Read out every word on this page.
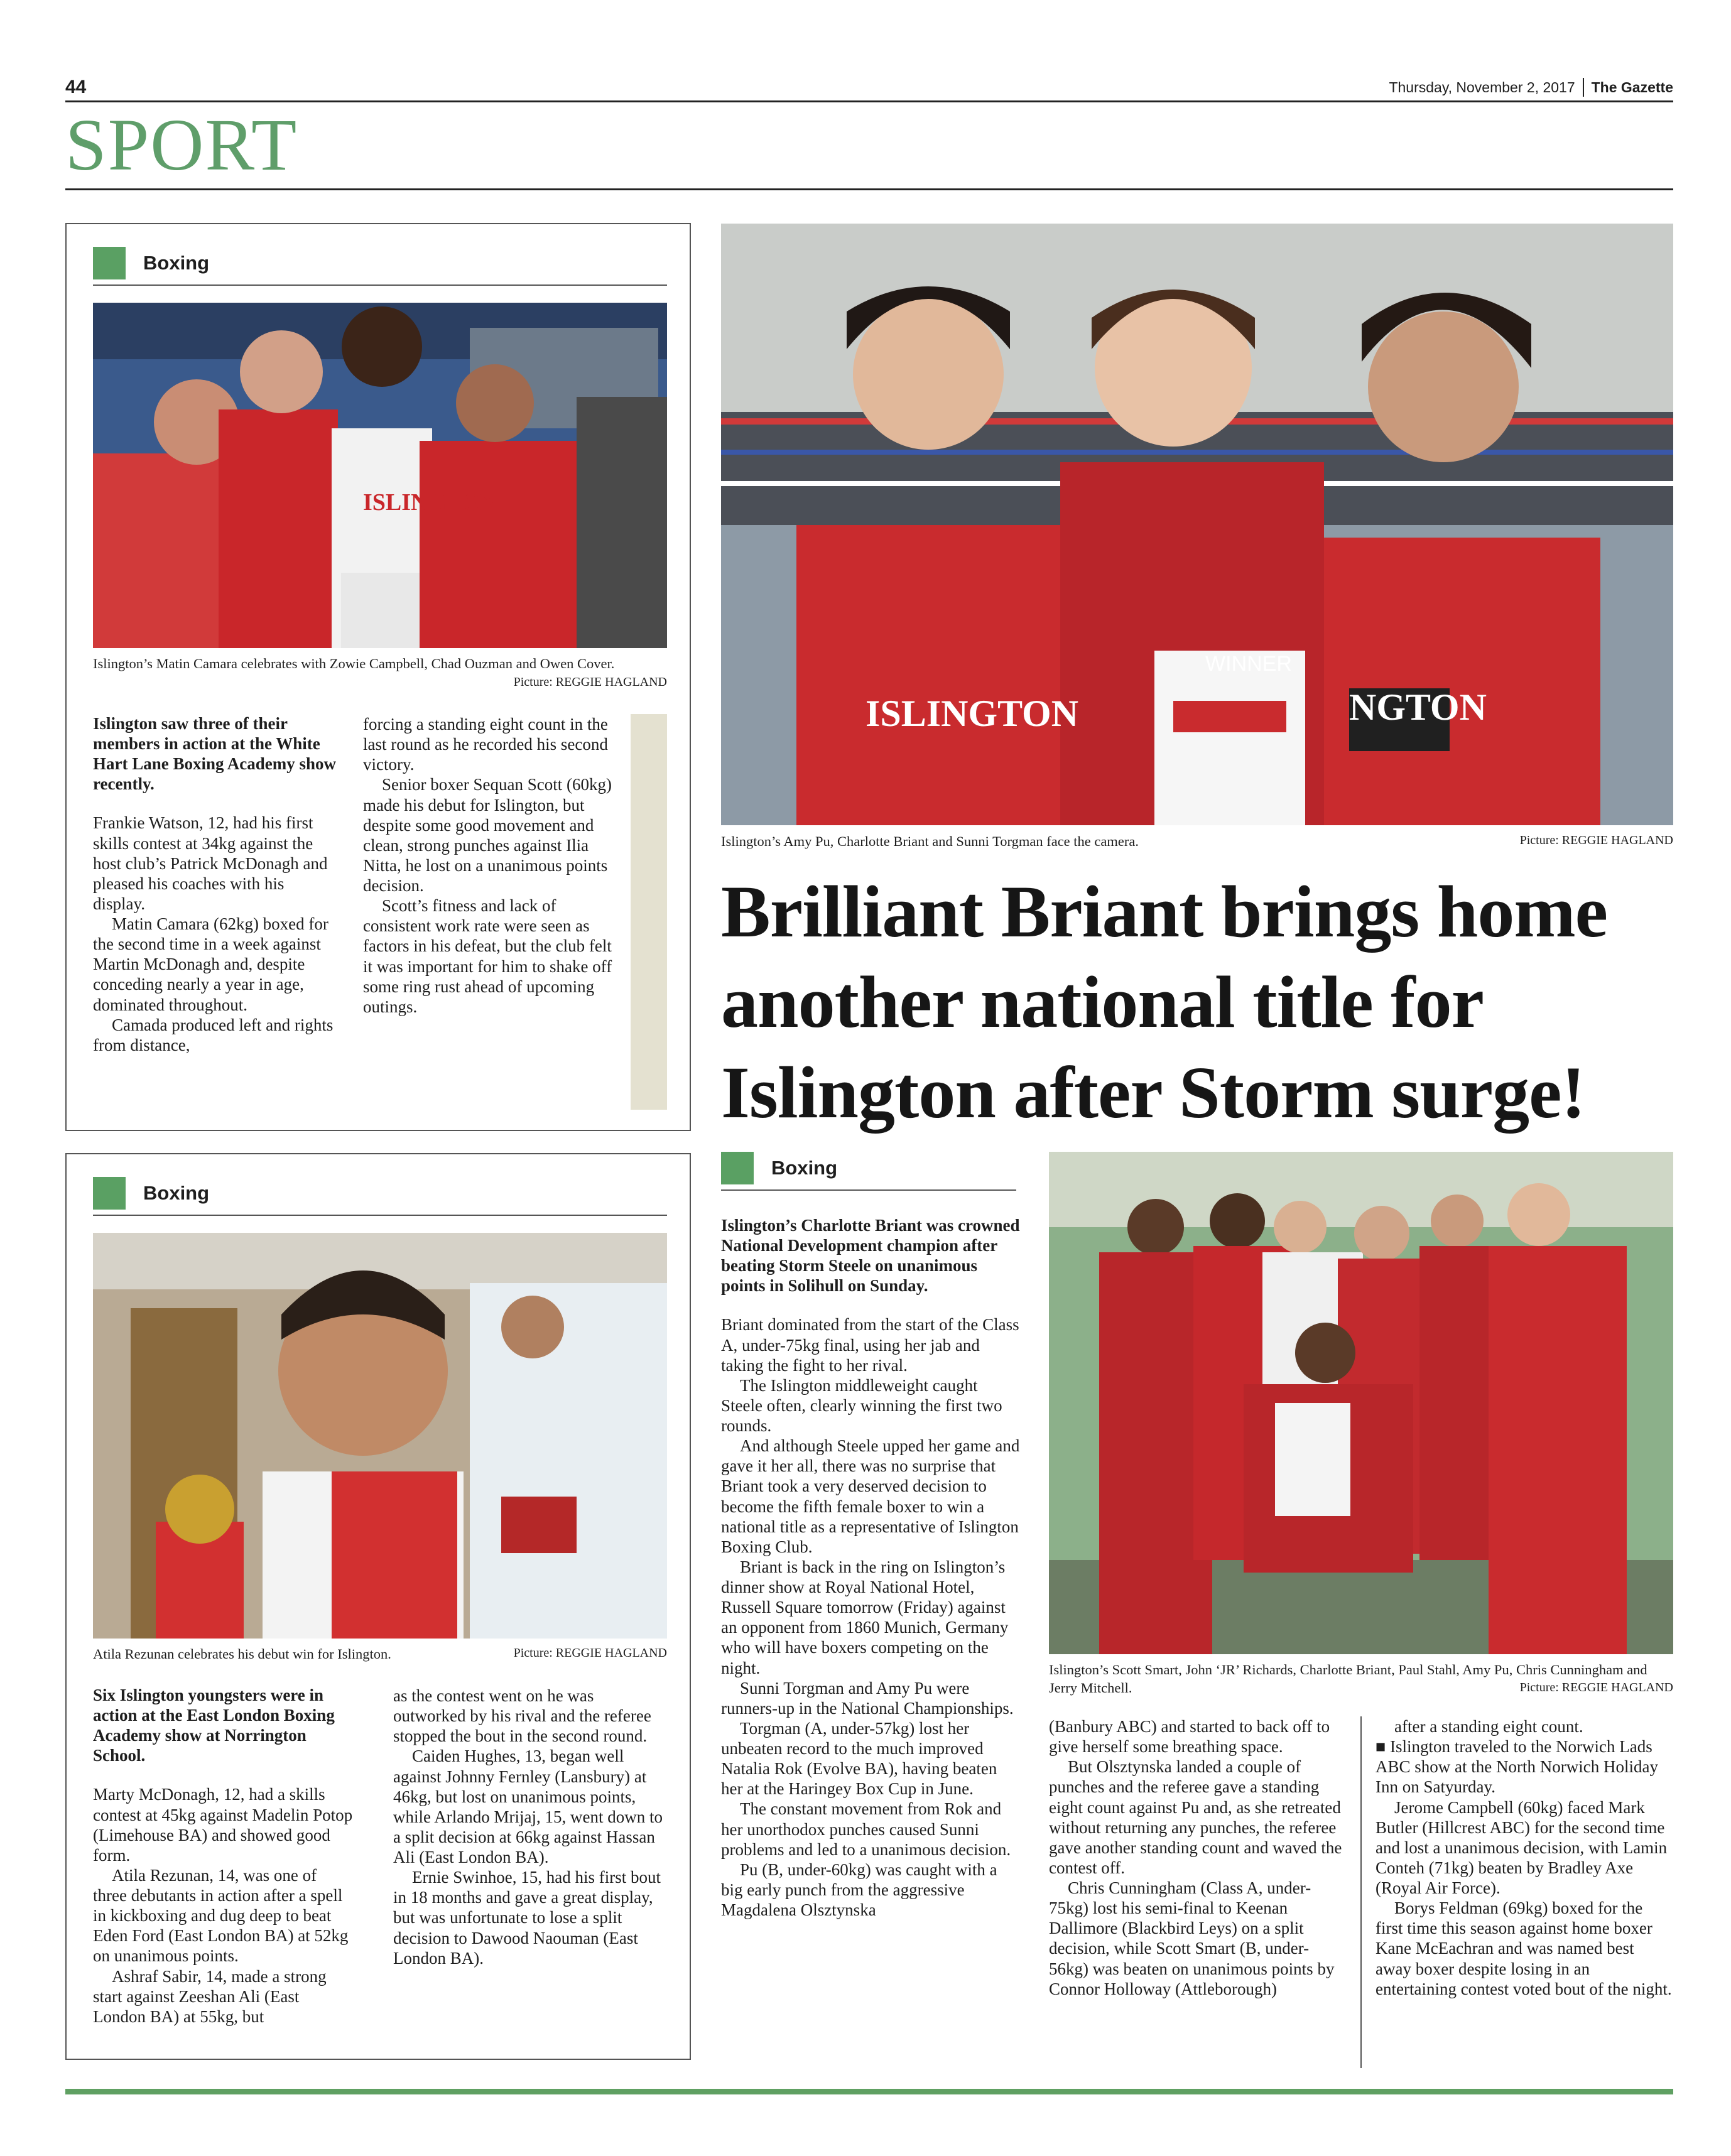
44	Thursday, November 2, 2017 The Gazette
SPORT
Boxing
ISLINGTON
Islington’s Matin Camara celebrates with Zowie Campbell, Chad Ouzman and Owen Cover.
Picture: REGGIE HAGLAND

Islington saw three of their members in action at the White Hart Lane Boxing Academy show recently.

Frankie Watson, 12, had his first skills contest at 34kg against the host club’s Patrick McDonagh and pleased his coaches with his display.

Matin Camara (62kg) boxed for the second time in a week against Martin McDonagh and, despite conceding nearly a year in age, dominated throughout.

Camada produced left and rights from distance,

forcing a standing eight count in the last round as he recorded his second victory.

Senior boxer Sequan Scott (60kg) made his debut for Islington, but despite some good movement and clean, strong punches against Ilia Nitta, he lost on a unanimous points decision.

Scott’s fitness and lack of consistent work rate were seen as factors in his defeat, but the club felt it was important for him to shake off some ring rust ahead of upcoming outings.

Boxing
Atila Rezunan celebrates his debut win for Islington.	Picture: REGGIE HAGLAND

Six Islington youngsters were in action at the East London Boxing Academy show at Norrington School.

Marty McDonagh, 12, had a skills contest at 45kg against Madelin Potop (Limehouse BA) and showed good form.

Atila Rezunan, 14, was one of three debutants in action after a spell in kickboxing and dug deep to beat Eden Ford (East London BA) at 52kg on unanimous points.

Ashraf Sabir, 14, made a strong start against Zeeshan Ali (East London BA) at 55kg, but

as the contest went on he was outworked by his rival and the referee stopped the bout in the second round.

Caiden Hughes, 13, began well against Johnny Fernley (Lansbury) at 46kg, but lost on unanimous points, while Arlando Mrijaj, 15, went down to a split decision at 66kg against Hassan Ali (East London BA).

Ernie Swinhoe, 15, had his first bout in 18 months and gave a great display, but was unfortunate to lose a split decision to Dawood Naouman (East London BA).

ISLINGTON	NGTON
WINNER
Islington’s Amy Pu, Charlotte Briant and Sunni Torgman face the camera.	Picture: REGGIE HAGLAND
Brilliant Briant brings home
another national title for
Islington after Storm surge!
Boxing

Islington’s Charlotte Briant was crowned National Development champion after beating Storm Steele on unanimous points in Solihull on Sunday.

Briant dominated from the start of the Class A, under-75kg final, using her jab and taking the fight to her rival.

The Islington middleweight caught Steele often, clearly winning the first two rounds.

And although Steele upped her game and gave it her all, there was no surprise that Briant took a very deserved decision to become the fifth female boxer to win a national title as a representative of Islington Boxing Club.

Briant is back in the ring on Islington’s dinner show at Royal National Hotel, Russell Square tomorrow (Friday) against an opponent from 1860 Munich, Germany who will have boxers competing on the night.

Sunni Torgman and Amy Pu were runners-up in the National Championships.

Torgman (A, under-57kg) lost her unbeaten record to the much improved Natalia Rok (Evolve BA), having beaten her at the Haringey Box Cup in June.

The constant movement from Rok and her unorthodox punches caused Sunni problems and led to a unanimous decision.

Pu (B, under-60kg) was caught with a big early punch from the aggressive Magdalena Olsztynska

Islington’s Scott Smart, John ‘JR’ Richards, Charlotte Briant, Paul Stahl, Amy Pu, Chris Cunningham and Jerry Mitchell.	Picture: REGGIE HAGLAND

(Banbury ABC) and started to back off to give herself some breathing space.

But Olsztynska landed a couple of punches and the referee gave a standing eight count against Pu and, as she retreated without returning any punches, the referee gave another standing count and waved the contest off.

Chris Cunningham (Class A, under-75kg) lost his semi-final to Keenan Dallimore (Blackbird Leys) on a split decision, while Scott Smart (B, under-56kg) was beaten on unanimous points by Connor Holloway (Attleborough)

after a standing eight count.

■ Islington traveled to the Norwich Lads ABC show at the North Norwich Holiday Inn on Satyurday.

Jerome Campbell (60kg) faced Mark Butler (Hillcrest ABC) for the second time and lost a unanimous decision, with Lamin Conteh (71kg) beaten by Bradley Axe (Royal Air Force).

Borys Feldman (69kg) boxed for the first time this season against home boxer Kane McEachran and was named best away boxer despite losing in an entertaining contest voted bout of the night.
